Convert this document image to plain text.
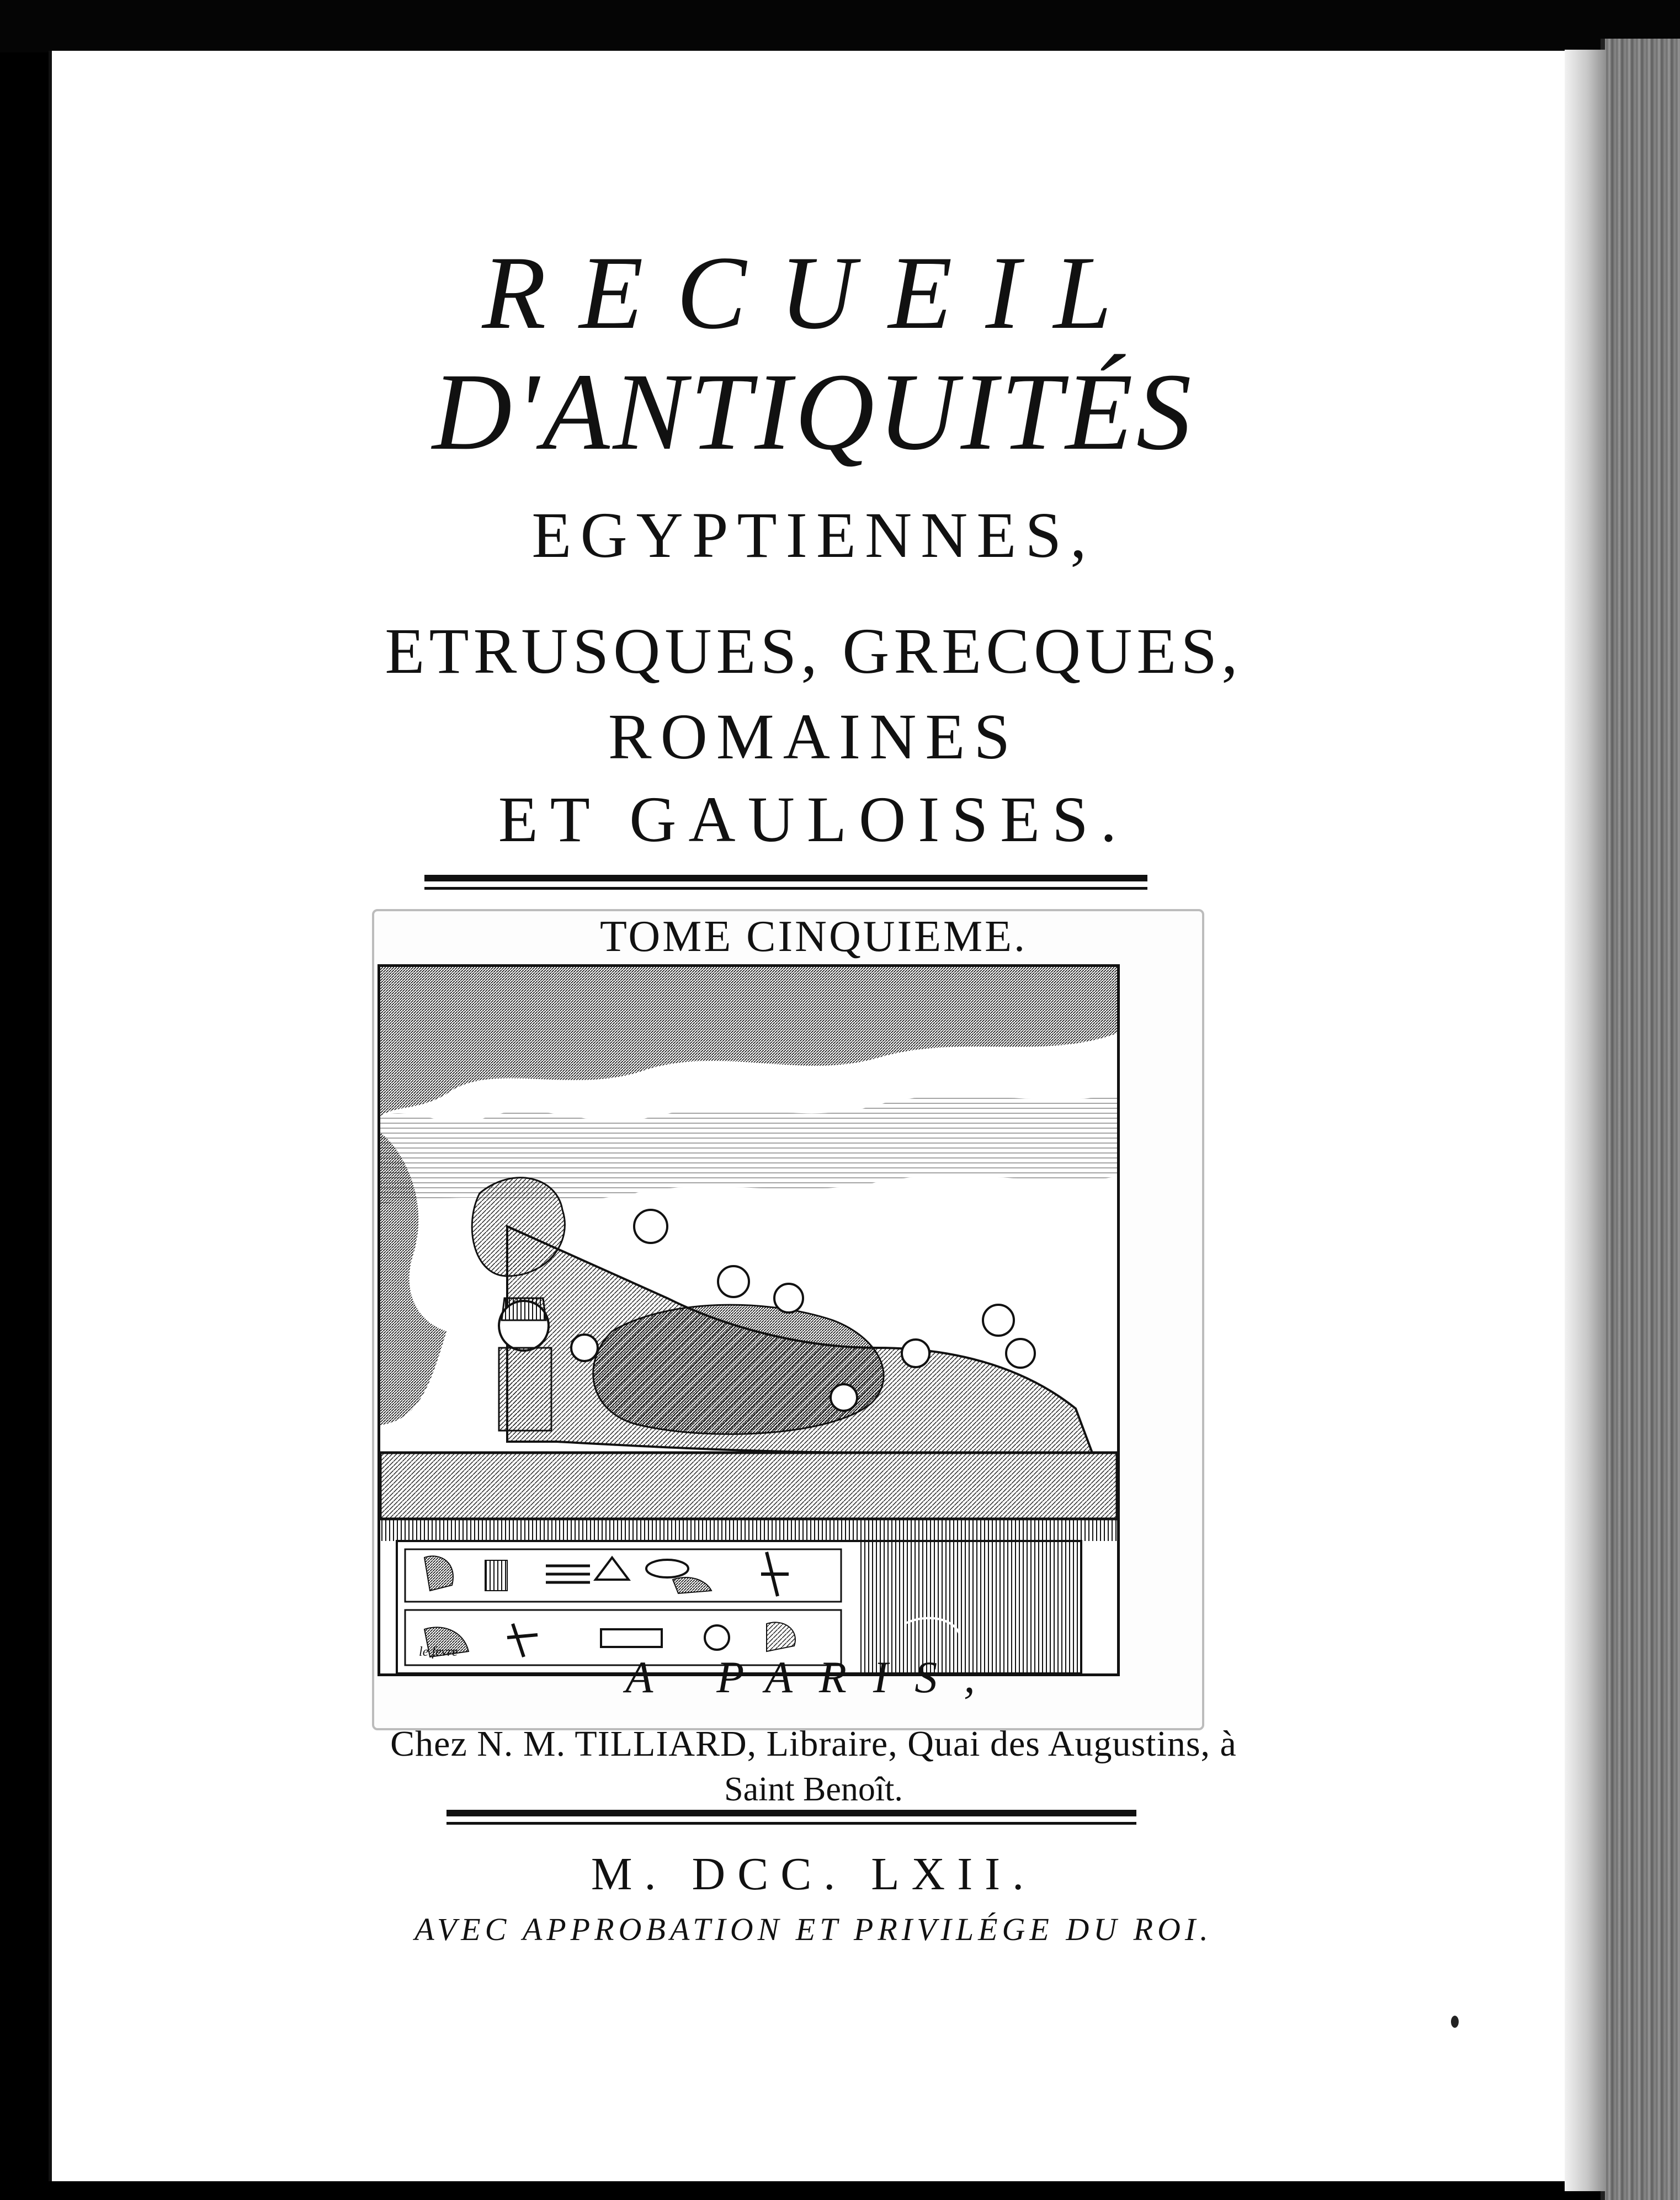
RECUEIL
D'ANTIQUITÉS
EGYPTIENNES,
ETRUSQUES, GRECQUES,
ROMAINES
ET GAULOISES.
TOME CINQUIEME.
le fevre	A PARIS,
Chez N. M. TILLIARD, Libraire, Quai des Augustins, à
Saint Benoît.
M. DCC. LXII.
AVEC APPROBATION ET PRIVILÉGE DU ROI.
